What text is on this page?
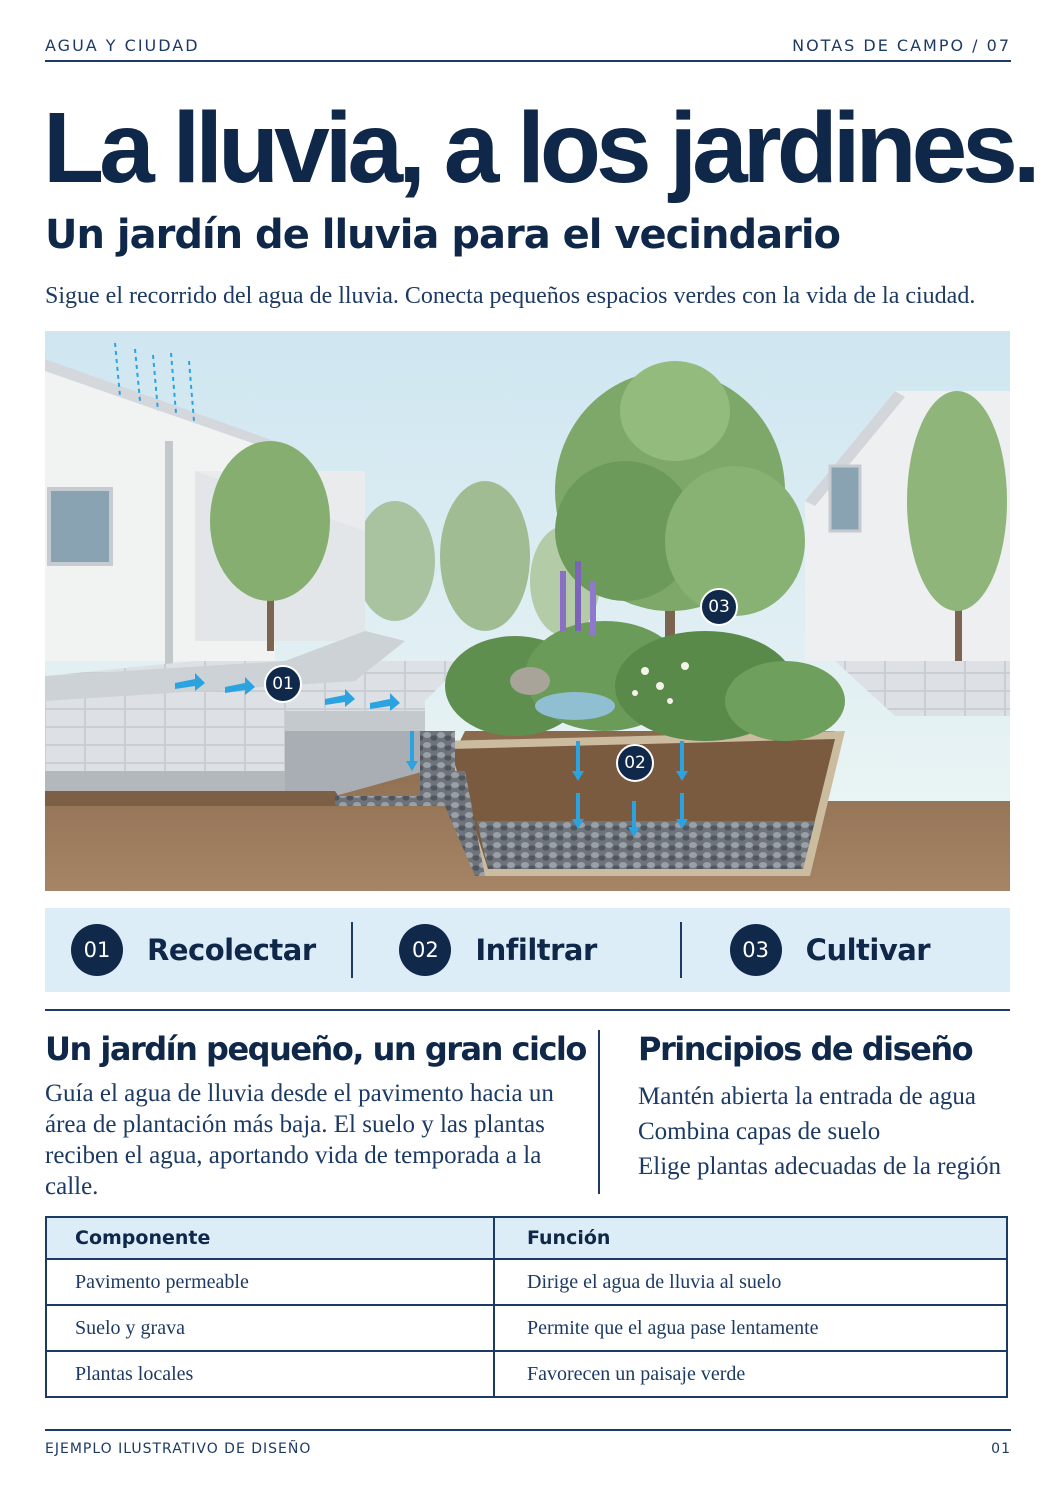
AGUA Y CIUDAD	NOTAS DE CAMPO / 07
La lluvia, a los jardines.
Un jardín de lluvia para el vecindario

Sigue el recorrido del agua de lluvia. Conecta pequeños espacios verdes con la vida de la ciudad.

01
02
03
01	Recolectar	02	Infiltrar	03	Cultivar
Un jardín pequeño, un gran ciclo

Guía el agua de lluvia desde el pavimento hacia un área de plantación más baja. El suelo y las plantas reciben el agua, aportando vida de temporada a la calle.

Principios de diseño
Mantén abierta la entrada de agua
Combina capas de suelo
Elige plantas adecuadas de la región
Componente	Función
Pavimento permeable	Dirige el agua de lluvia al suelo
Suelo y grava	Permite que el agua pase lentamente
Plantas locales	Favorecen un paisaje verde
EJEMPLO ILUSTRATIVO DE DISEÑO	01
